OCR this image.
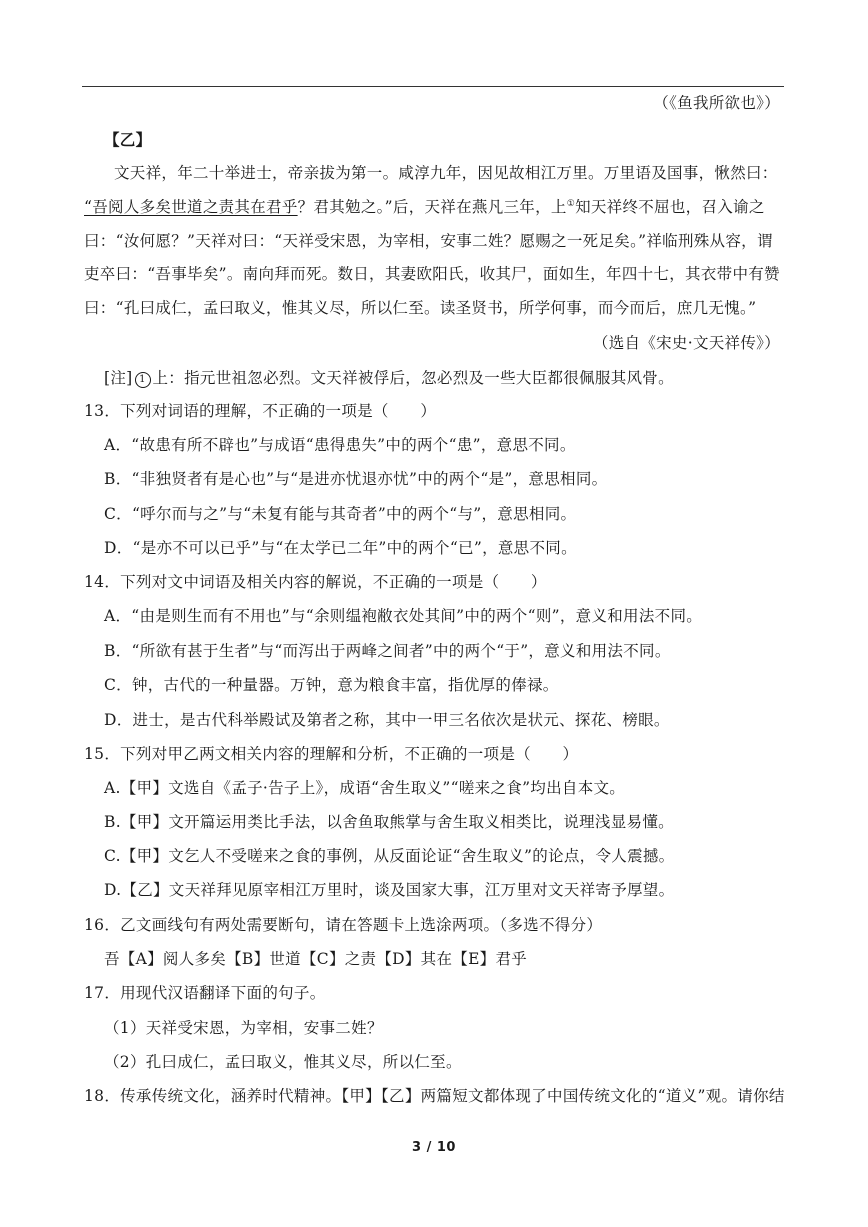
（《鱼我所欲也》）
【乙】
文天祥，年二十举进士，帝亲拔为第一。咸淳九年，因见故相江万里。万里语及国事，愀然曰：
“吾阅人多矣世道之责其在君乎？君其勉之。”后，天祥在燕凡三年，上①知天祥终不屈也，召入谕之
曰：“汝何愿？”天祥对曰：“天祥受宋恩，为宰相，安事二姓？愿赐之一死足矣。”祥临刑殊从容，谓
吏卒曰：“吾事毕矣”。南向拜而死。数日，其妻欧阳氏，收其尸，面如生，年四十七，其衣带中有赞
曰：“孔曰成仁，孟曰取义，惟其义尽，所以仁至。读圣贤书，所学何事，而今而后，庶几无愧。”
（选自《宋史·文天祥传》）
[注] 1 上：指元世祖忽必烈。文天祥被俘后，忽必烈及一些大臣都很佩服其风骨。
13．下列对词语的理解，不正确的一项是（　　）
A．“故患有所不辟也”与成语“患得患失”中的两个“患”，意思不同。
B．“非独贤者有是心也”与“是进亦忧退亦忧”中的两个“是”，意思相同。
C．“呼尔而与之”与“未复有能与其奇者”中的两个“与”，意思相同。
D．“是亦不可以已乎”与“在太学已二年”中的两个“已”，意思不同。
14．下列对文中词语及相关内容的解说，不正确的一项是（　　）
A．“由是则生而有不用也”与“余则缊袍敝衣处其间”中的两个“则”，意义和用法不同。
B．“所欲有甚于生者”与“而泻出于两峰之间者”中的两个“于”，意义和用法不同。
C．钟，古代的一种量器。万钟，意为粮食丰富，指优厚的俸禄。
D．进士，是古代科举殿试及第者之称，其中一甲三名依次是状元、探花、榜眼。
15．下列对甲乙两文相关内容的理解和分析，不正确的一项是（　　）
A.【甲】文选自《孟子·告子上》，成语“舍生取义”“嗟来之食”均出自本文。
B.【甲】文开篇运用类比手法，以舍鱼取熊掌与舍生取义相类比，说理浅显易懂。
C.【甲】文乞人不受嗟来之食的事例，从反面论证“舍生取义”的论点，令人震撼。
D.【乙】文天祥拜见原宰相江万里时，谈及国家大事，江万里对文天祥寄予厚望。
16．乙文画线句有两处需要断句，请在答题卡上选涂两项。（多选不得分）
吾【A】阅人多矣【B】世道【C】之责【D】其在【E】君乎
17．用现代汉语翻译下面的句子。
（1）天祥受宋恩，为宰相，安事二姓？
（2）孔曰成仁，孟曰取义，惟其义尽，所以仁至。
18．传承传统文化，涵养时代精神。【甲】【乙】两篇短文都体现了中国传统文化的“道义”观。请你结
3 / 10
